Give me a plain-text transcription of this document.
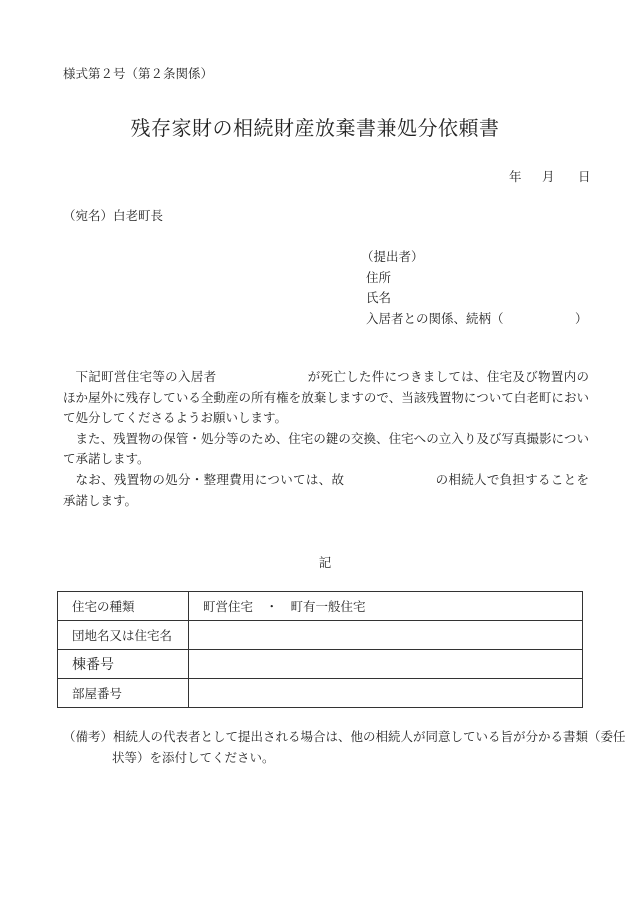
様式第２号（第２条関係）
残存家財の相続財産放棄書兼処分依頼書
年 月 日
（宛名）白老町長
（提出者）
住所
氏名
入居者との関係、続柄（	）

下記町営住宅等の入居者	が死亡した件につきましては、住宅及び物置内のほか屋外に残存している全動産の所有権を放棄しますので、当該残置物について白老町において処分してくださるようお願いします。

また、残置物の保管・処分等のため、住宅の鍵の交換、住宅への立入り及び写真撮影について承諾します。

なお、残置物の処分・整理費用については、故	の相続人で負担することを承諾します。

記
住宅の種類	町営住宅　・　町有一般住宅
団地名又は住宅名	
棟番号	
部屋番号	
（備考）相続人の代表者として提出される場合は、他の相続人が同意している旨が分かる書類（委任
状等）を添付してください。
